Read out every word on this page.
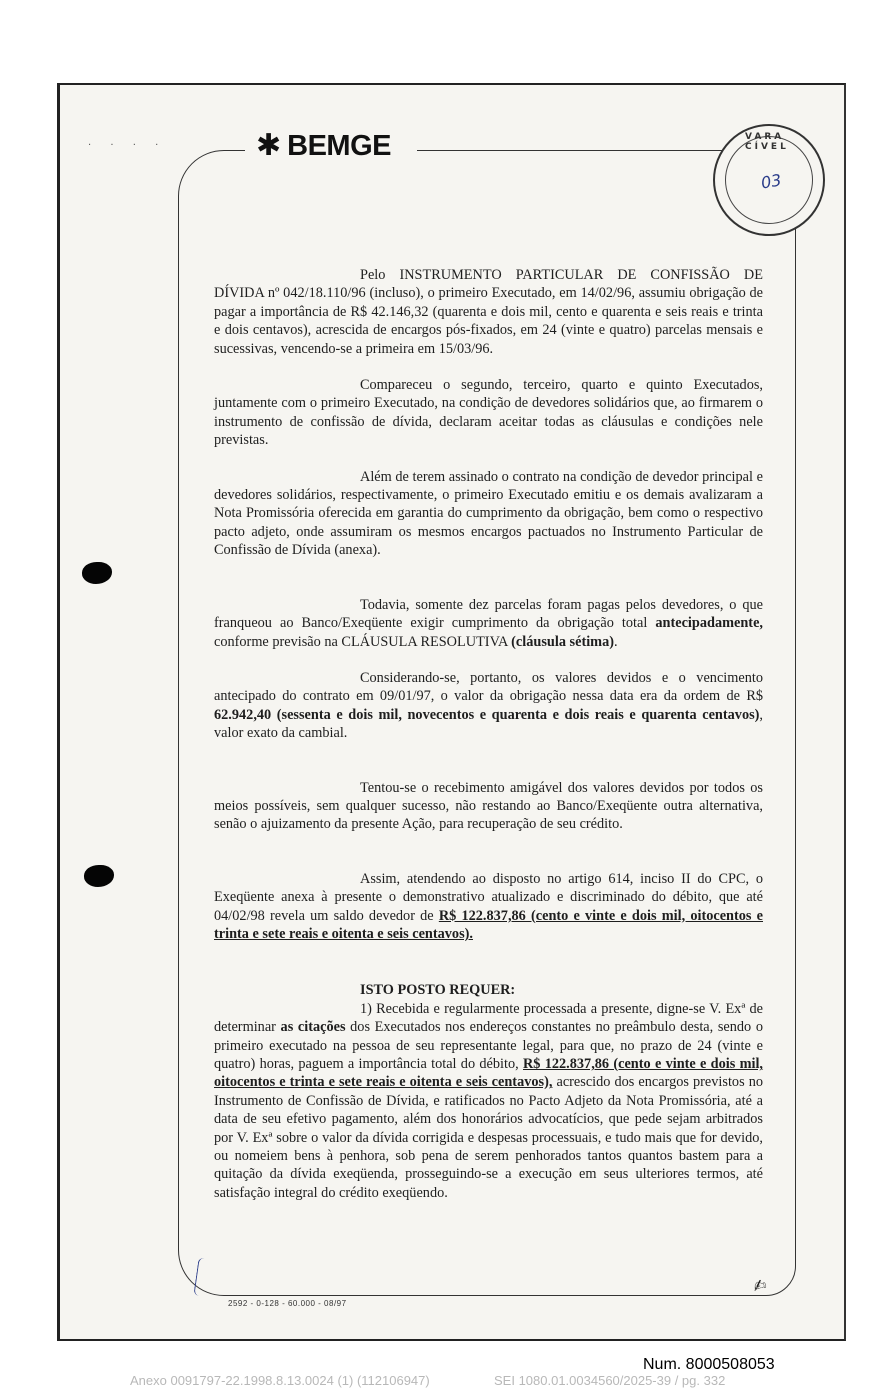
· · · ·	✱ BEMGE	VARA CÍVEL
03

Pelo INSTRUMENTO PARTICULAR DE CONFISSÃO DE DÍVIDA nº 042/18.110/96 (incluso), o primeiro Executado, em 14/02/96, assumiu obrigação de pagar a importância de R$ 42.146,32 (quarenta e dois mil, cento e quarenta e seis reais e trinta e dois centavos), acrescida de encargos pós-fixados, em 24 (vinte e quatro) parcelas mensais e sucessivas, vencendo-se a primeira em 15/03/96.

Compareceu o segundo, terceiro, quarto e quinto Executados, juntamente com o primeiro Executado, na condição de devedores solidários que, ao firmarem o instrumento de confissão de dívida, declaram aceitar todas as cláusulas e condições nele previstas.

Além de terem assinado o contrato na condição de devedor principal e devedores solidários, respectivamente, o primeiro Executado emitiu e os demais avalizaram a Nota Promissória oferecida em garantia do cumprimento da obrigação, bem como o respectivo pacto adjeto, onde assumiram os mesmos encargos pactuados no Instrumento Particular de Confissão de Dívida (anexa).

Todavia, somente dez parcelas foram pagas pelos devedores, o que franqueou ao Banco/Exeqüente exigir cumprimento da obrigação total antecipadamente, conforme previsão na CLÁUSULA RESOLUTIVA (cláusula sétima).

Considerando-se, portanto, os valores devidos e o vencimento antecipado do contrato em 09/01/97, o valor da obrigação nessa data era da ordem de R$ 62.942,40 (sessenta e dois mil, novecentos e quarenta e dois reais e quarenta centavos), valor exato da cambial.

Tentou-se o recebimento amigável dos valores devidos por todos os meios possíveis, sem qualquer sucesso, não restando ao Banco/Exeqüente outra alternativa, senão o ajuizamento da presente Ação, para recuperação de seu crédito.

Assim, atendendo ao disposto no artigo 614, inciso II do CPC, o Exeqüente anexa à presente o demonstrativo atualizado e discriminado do débito, que até 04/02/98 revela um saldo devedor de R$ 122.837,86 (cento e vinte e dois mil, oitocentos e trinta e sete reais e oitenta e seis centavos).

ISTO POSTO REQUER:

1) Recebida e regularmente processada a presente, digne-se V. Exª de determinar as citações dos Executados nos endereços constantes no preâmbulo desta, sendo o primeiro executado na pessoa de seu representante legal, para que, no prazo de 24 (vinte e quatro) horas, paguem a importância total do débito, R$ 122.837,86 (cento e vinte e dois mil, oitocentos e trinta e sete reais e oitenta e seis centavos), acrescido dos encargos previstos no Instrumento de Confissão de Dívida, e ratificados no Pacto Adjeto da Nota Promissória, até a data de seu efetivo pagamento, além dos honorários advocatícios, que pede sejam arbitrados por V. Exª sobre o valor da dívida corrigida e despesas processuais, e tudo mais que for devido, ou nomeiem bens à penhora, sob pena de serem penhorados tantos quantos bastem para a quitação da dívida exeqüenda, prosseguindo-se a execução em seus ulteriores termos, até satisfação integral do crédito exeqüendo.

✍
2592 - 0-128 - 60.000 - 08/97
Num. 8000508053
Anexo 0091797-22.1998.8.13.0024 (1) (112106947)	SEI 1080.01.0034560/2025-39 / pg. 332
